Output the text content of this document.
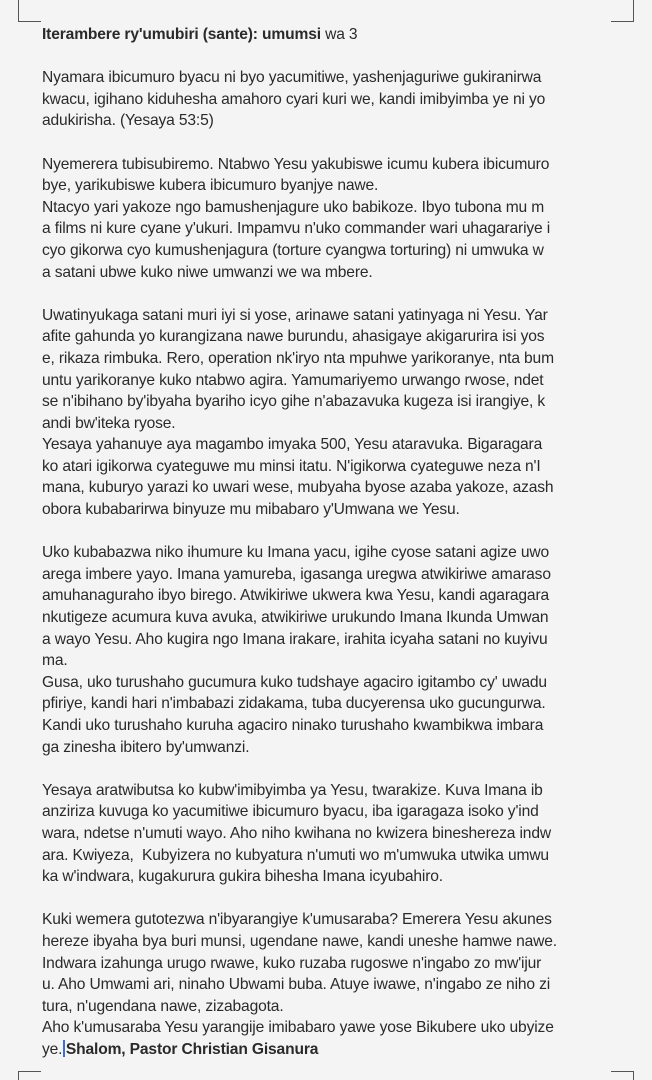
Iterambere ry'umubiri (sante): umumsi wa 3

Nyamara ibicumuro byacu ni byo yacumitiwe, yashenjaguriwe gukiranirwa

kwacu, igihano kiduhesha amahoro cyari kuri we, kandi imibyimba ye ni yo

adukirisha. (Yesaya 53:5)

Nyemerera tubisubiremo. Ntabwo Yesu yakubiswe icumu kubera ibicumuro

bye, yarikubiswe kubera ibicumuro byanjye nawe.

Ntacyo yari yakoze ngo bamushenjagure uko babikoze. Ibyo tubona mu m

a films ni kure cyane y'ukuri. Impamvu n'uko commander wari uhagarariye i

cyo gikorwa cyo kumushenjagura (torture cyangwa torturing) ni umwuka w

a satani ubwe kuko niwe umwanzi we wa mbere.

Uwatinyukaga satani muri iyi si yose, arinawe satani yatinyaga ni Yesu. Yar

afite gahunda yo kurangizana nawe burundu, ahasigaye akigarurira isi yos

e, rikaza rimbuka. Rero, operation nk'iryo nta mpuhwe yarikoranye, nta bum

untu yarikoranye kuko ntabwo agira. Yamumariyemo urwango rwose, ndet

se n'ibihano by'ibyaha byariho icyo gihe n'abazavuka kugeza isi irangiye, k

andi bw'iteka ryose.

Yesaya yahanuye aya magambo imyaka 500, Yesu ataravuka. Bigaragara

ko atari igikorwa cyateguwe mu minsi itatu. N'igikorwa cyateguwe neza n'I

mana, kuburyo yarazi ko uwari wese, mubyaha byose azaba yakoze, azash

obora kubabarirwa binyuze mu mibabaro y'Umwana we Yesu.

Uko kubabazwa niko ihumure ku Imana yacu, igihe cyose satani agize uwo

arega imbere yayo. Imana yamureba, igasanga uregwa atwikiriwe amaraso

amuhanaguraho ibyo birego. Atwikiriwe ukwera kwa Yesu, kandi agaragara

nkutigeze acumura kuva avuka, atwikiriwe urukundo Imana Ikunda Umwan

a wayo Yesu. Aho kugira ngo Imana irakare, irahita icyaha satani no kuyivu

ma.

Gusa, uko turushaho gucumura kuko tudshaye agaciro igitambo cy' uwadu

pfiriye, kandi hari n'imbabazi zidakama, tuba ducyerensa uko gucungurwa.

Kandi uko turushaho kuruha agaciro ninako turushaho kwambikwa imbara

ga zinesha ibitero by'umwanzi.

Yesaya aratwibutsa ko kubw'imibyimba ya Yesu, twarakize. Kuva Imana ib

anziriza kuvuga ko yacumitiwe ibicumuro byacu, iba igaragaza isoko y'ind

wara, ndetse n'umuti wayo. Aho niho kwihana no kwizera bineshereza indw

ara. Kwiyeza,  Kubyizera no kubyatura n'umuti wo m'umwuka utwika umwu

ka w'indwara, kugakurura gukira bihesha Imana icyubahiro.

Kuki wemera gutotezwa n'ibyarangiye k'umusaraba? Emerera Yesu akunes

hereze ibyaha bya buri munsi, ugendane nawe, kandi uneshe hamwe nawe.

Indwara izahunga urugo rwawe, kuko ruzaba rugoswe n'ingabo zo mw'ijur

u. Aho Umwami ari, ninaho Ubwami buba. Atuye iwawe, n'ingabo ze niho zi

tura, n'ugendana nawe, zizabagota.

Aho k'umusaraba Yesu yarangije imibabaro yawe yose Bikubere uko ubyize

ye. Shalom, Pastor Christian Gisanura
